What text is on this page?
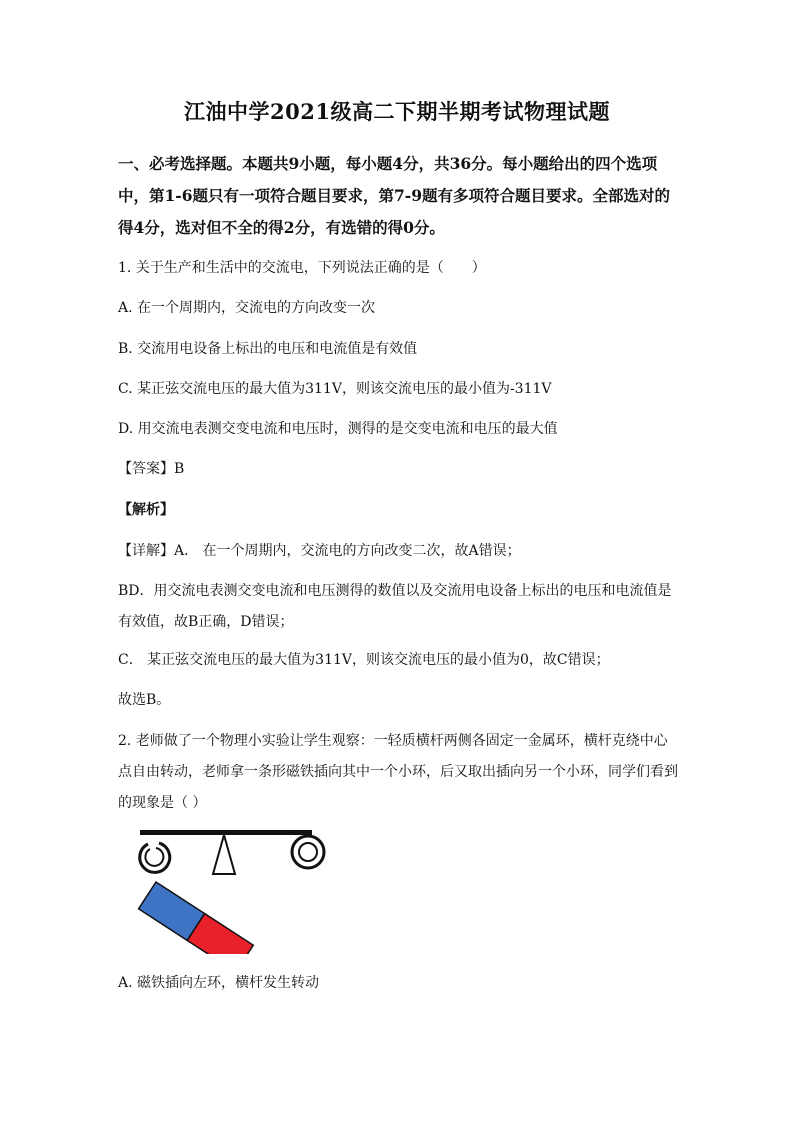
江油中学2021级高二下期半期考试物理试题
一、必考选择题。本题共9小题，每小题4分，共36分。每小题给出的四个选项中，第1-6题只有一项符合题目要求，第7-9题有多项符合题目要求。全部选对的得4分，选对但不全的得2分，有选错的得0分。
1. 关于生产和生活中的交流电，下列说法正确的是（　　）
A. 在一个周期内，交流电的方向改变一次
B. 交流用电设备上标出的电压和电流值是有效值
C. 某正弦交流电压的最大值为311V，则该交流电压的最小值为-311V
D. 用交流电表测交变电流和电压时，测得的是交变电流和电压的最大值
【答案】B
【解析】
【详解】A． 在一个周期内，交流电的方向改变二次，故A错误；
BD．用交流电表测交变电流和电压测得的数值以及交流用电设备上标出的电压和电流值是有效值，故B正确，D错误；
C． 某正弦交流电压的最大值为311V，则该交流电压的最小值为0，故C错误；
故选B。
2. 老师做了一个物理小实验让学生观察：一轻质横杆两侧各固定一金属环，横杆克绕中心点自由转动，老师拿一条形磁铁插向其中一个小环，后又取出插向另一个小环，同学们看到的现象是（ ）
A. 磁铁插向左环，横杆发生转动
